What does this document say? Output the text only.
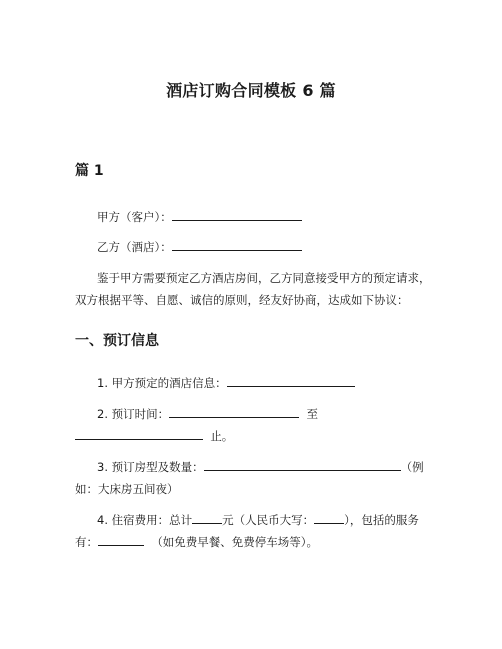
酒店订购合同模板 6 篇
篇 1
甲方（客户）：
乙方（酒店）：
鉴于甲方需要预定乙方酒店房间，乙方同意接受甲方的预定请求，
双方根据平等、自愿、诚信的原则，经友好协商，达成如下协议：
一、预订信息
1. 甲方预定的酒店信息：
2. 预订时间：	至
止。
3. 预订房型及数量：	（例
如：大床房五间夜）
4. 住宿费用：总计	元（人民币大写：	），包括的服务
有：	（如免费早餐、免费停车场等）。
